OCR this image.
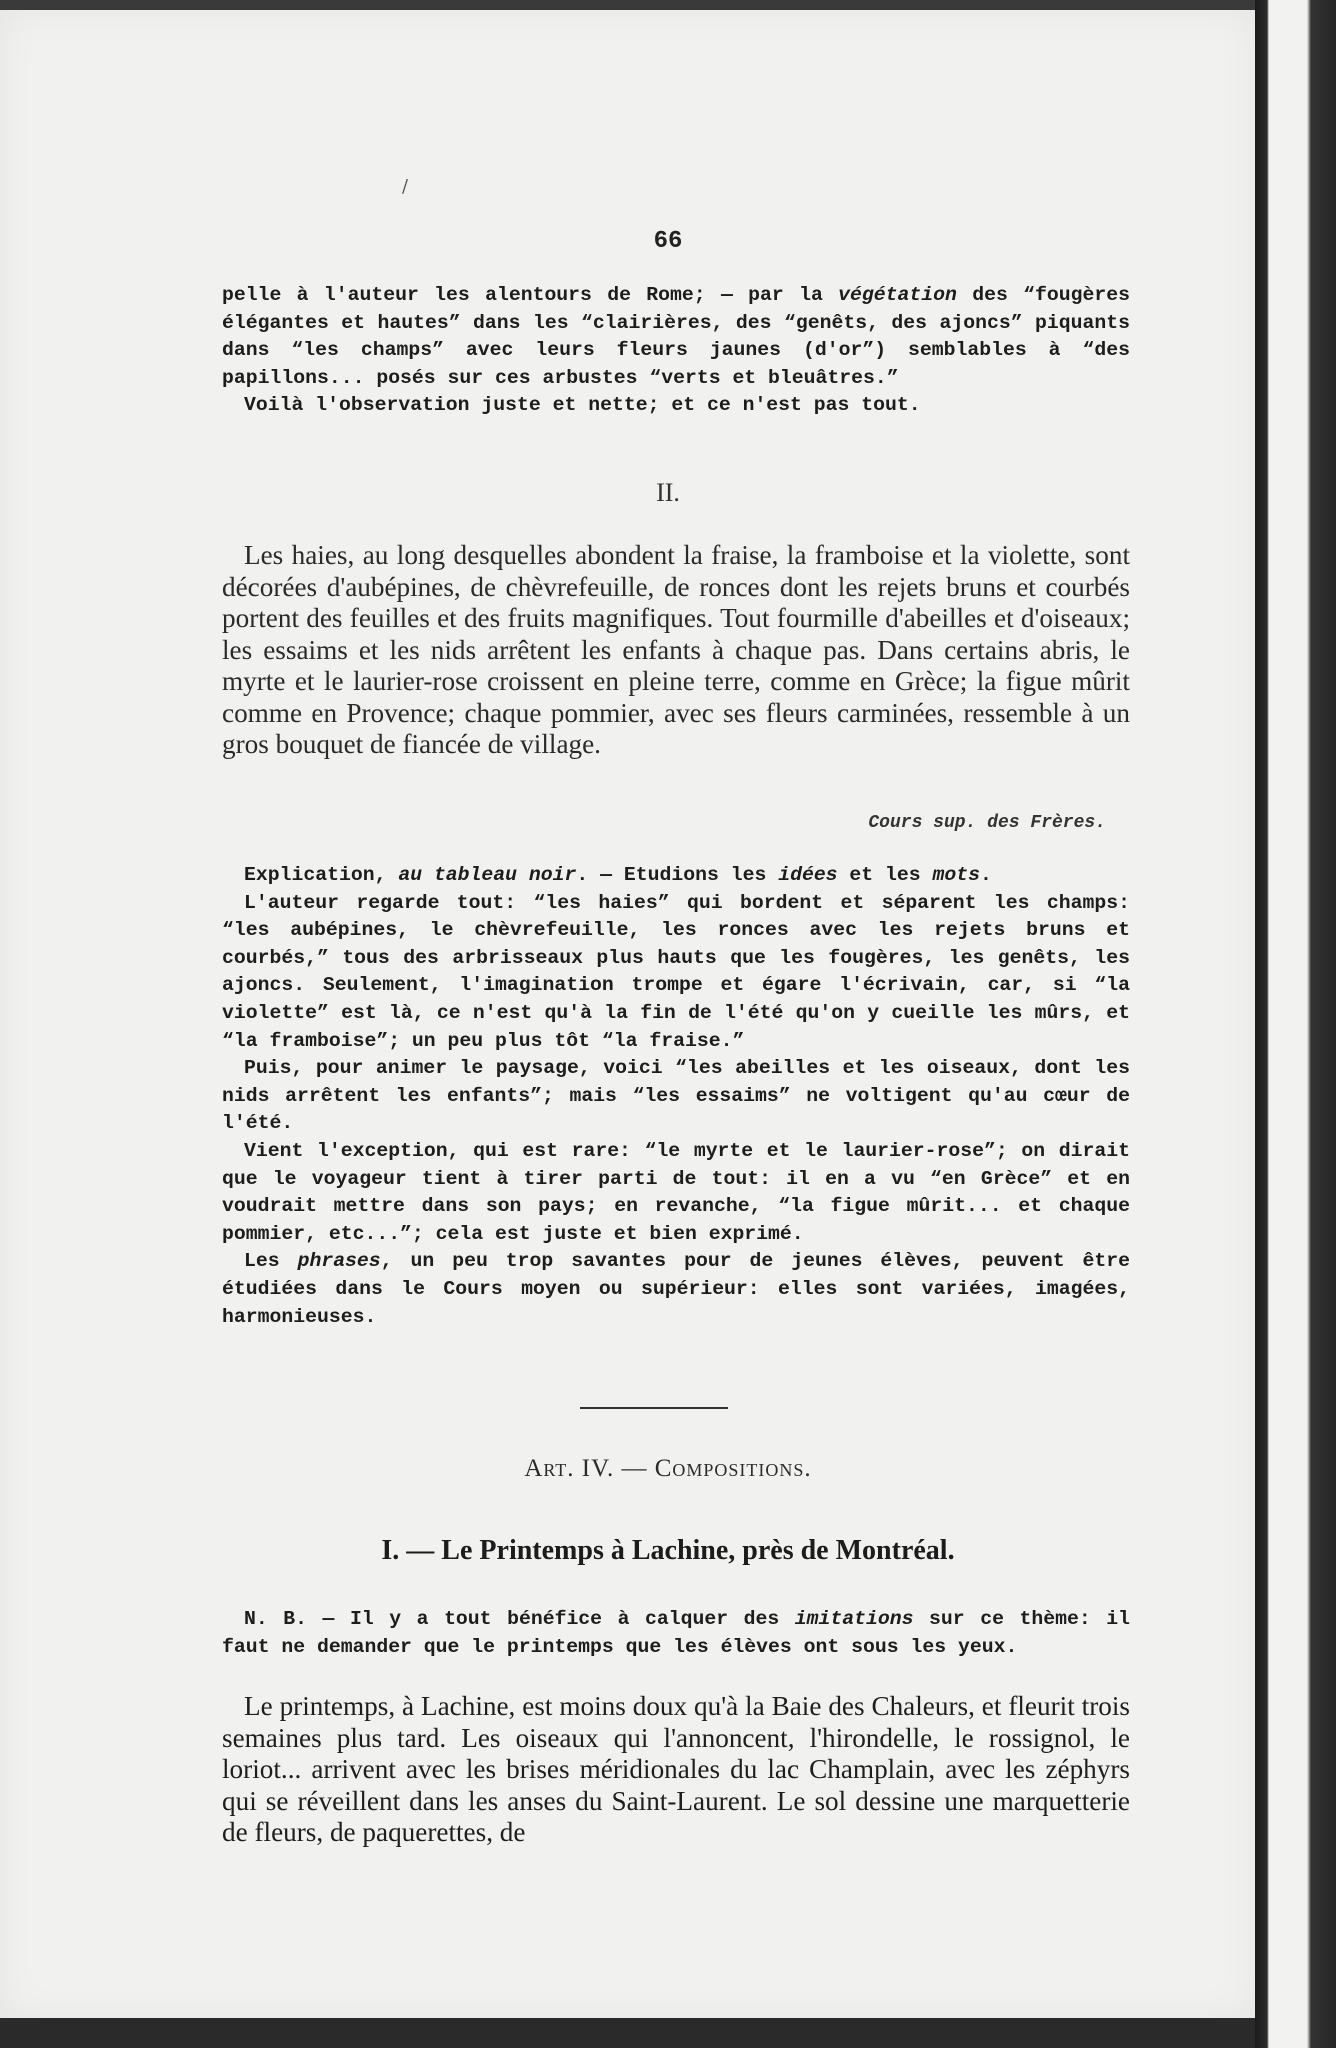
/
66

pelle à l'auteur les alentours de Rome; — par la végétation des “fougères élégantes et hautes” dans les “clairières, des “genêts, des ajoncs” piquants dans “les champs” avec leurs fleurs jaunes (d'or”) semblables à “des papillons... posés sur ces arbustes “verts et bleuâtres.”

Voilà l'observation juste et nette; et ce n'est pas tout.

II.

Les haies, au long desquelles abondent la fraise, la framboise et la violette, sont décorées d'aubépines, de chèvrefeuille, de ronces dont les rejets bruns et courbés portent des feuilles et des fruits magnifiques. Tout fourmille d'abeilles et d'oiseaux; les essaims et les nids arrêtent les enfants à chaque pas. Dans certains abris, le myrte et le laurier-rose croissent en pleine terre, comme en Grèce; la figue mûrit comme en Provence; chaque pommier, avec ses fleurs carminées, ressemble à un gros bouquet de fiancée de village.

Cours sup. des Frères.

Explication, au tableau noir. — Etudions les idées et les mots.

L'auteur regarde tout: “les haies” qui bordent et séparent les champs: “les aubépines, le chèvrefeuille, les ronces avec les rejets bruns et courbés,” tous des arbrisseaux plus hauts que les fougères, les genêts, les ajoncs. Seulement, l'imagination trompe et égare l'écrivain, car, si “la violette” est là, ce n'est qu'à la fin de l'été qu'on y cueille les mûrs, et “la framboise”; un peu plus tôt “la fraise.”

Puis, pour animer le paysage, voici “les abeilles et les oiseaux, dont les nids arrêtent les enfants”; mais “les essaims” ne voltigent qu'au cœur de l'été.

Vient l'exception, qui est rare: “le myrte et le laurier-rose”; on dirait que le voyageur tient à tirer parti de tout: il en a vu “en Grèce” et en voudrait mettre dans son pays; en revanche, “la figue mûrit... et chaque pommier, etc...”; cela est juste et bien exprimé.

Les phrases, un peu trop savantes pour de jeunes élèves, peuvent être étudiées dans le Cours moyen ou supérieur: elles sont variées, imagées, harmonieuses.

Art. IV. — Compositions.
I. — Le Printemps à Lachine, près de Montréal.

N. B. — Il y a tout bénéfice à calquer des imitations sur ce thème: il faut ne demander que le printemps que les élèves ont sous les yeux.

Le printemps, à Lachine, est moins doux qu'à la Baie des Chaleurs, et fleurit trois semaines plus tard. Les oiseaux qui l'annoncent, l'hirondelle, le rossignol, le loriot... arrivent avec les brises méridionales du lac Champlain, avec les zéphyrs qui se réveillent dans les anses du Saint-Laurent. Le sol dessine une marquetterie de fleurs, de paquerettes, de
